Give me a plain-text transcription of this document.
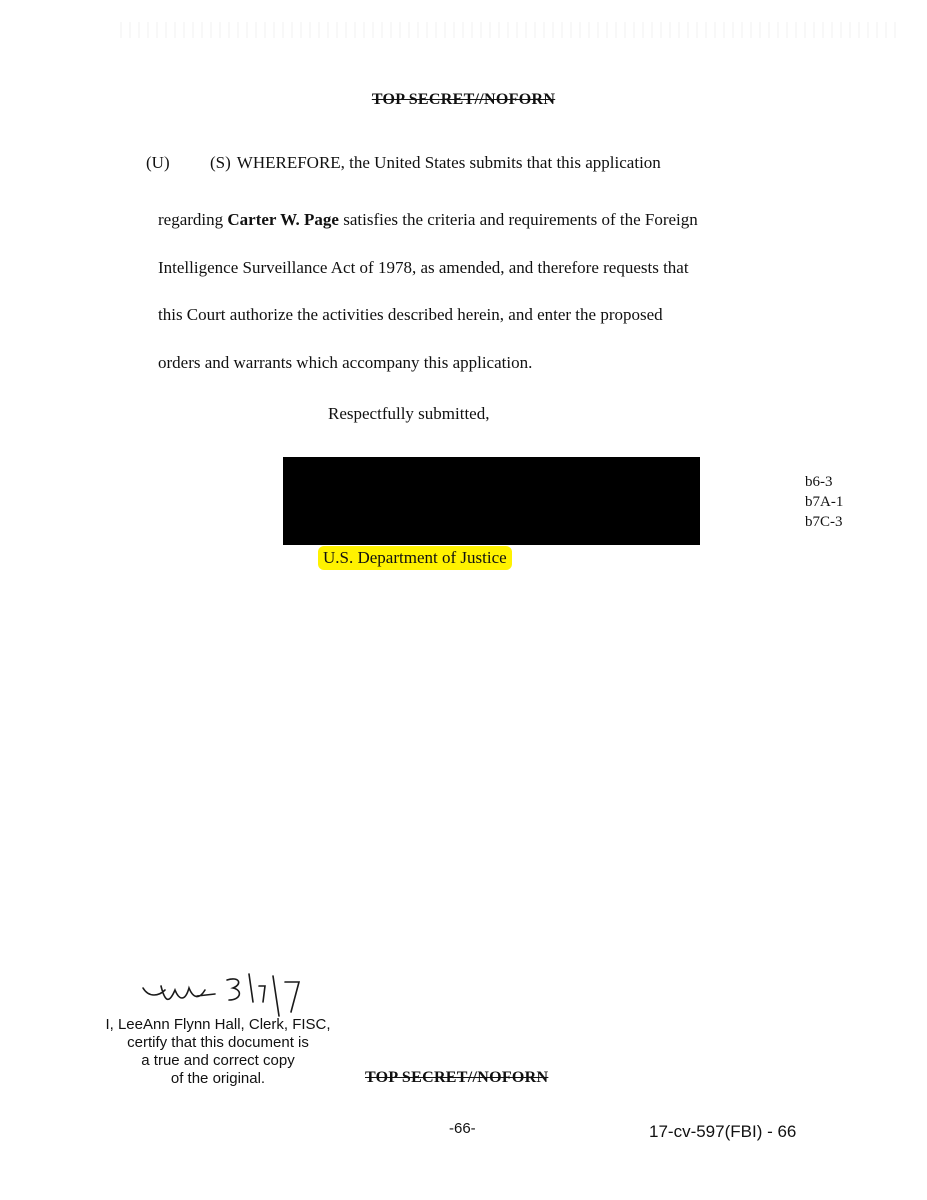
TOP SECRET//NOFORN
(U) (S) WHEREFORE, the United States submits that this application
regarding Carter W. Page satisfies the criteria and requirements of the Foreign
Intelligence Surveillance Act of 1978, as amended, and therefore requests that
this Court authorize the activities described herein, and enter the proposed
orders and warrants which accompany this application.
Respectfully submitted,
b6-3
b7A-1
b7C-3
U.S. Department of Justice
I, LeeAnn Flynn Hall, Clerk, FISC,
certify that this document is
a true and correct copy
of the original.	TOP SECRET//NOFORN
-66-	17-cv-597(FBI) - 66
